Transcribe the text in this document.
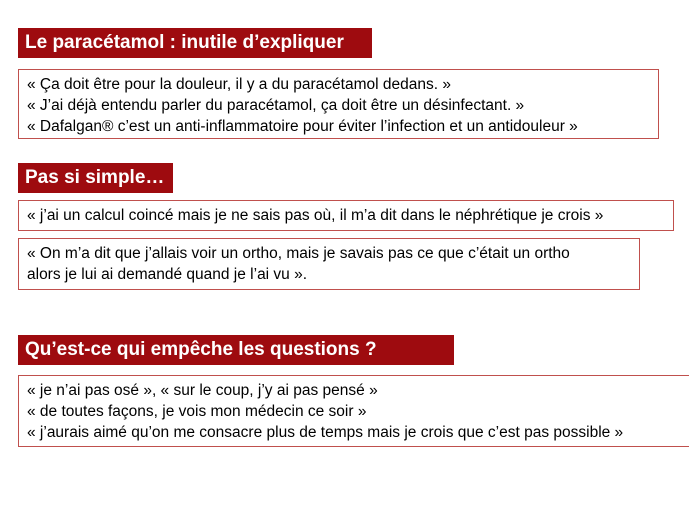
Le paracétamol : inutile d’expliquer
« Ça doit être pour la douleur, il y a du paracétamol dedans. »
« J’ai déjà entendu parler du paracétamol, ça doit être un désinfectant. »
« Dafalgan® c’est un anti-inflammatoire pour éviter l’infection et un antidouleur »
Pas si simple…
« j’ai un calcul coincé mais je ne sais pas où, il m’a dit dans le néphrétique je crois »
« On m’a dit que j’allais voir un ortho, mais je savais pas ce que c’était un ortho
alors je lui ai demandé quand je l’ai vu ».
Qu’est-ce qui empêche les questions ?
« je n’ai pas osé », « sur le coup, j’y ai pas pensé »
« de toutes façons, je vois mon médecin ce soir »
« j’aurais aimé qu’on me consacre plus de temps mais je crois que c’est pas possible »
